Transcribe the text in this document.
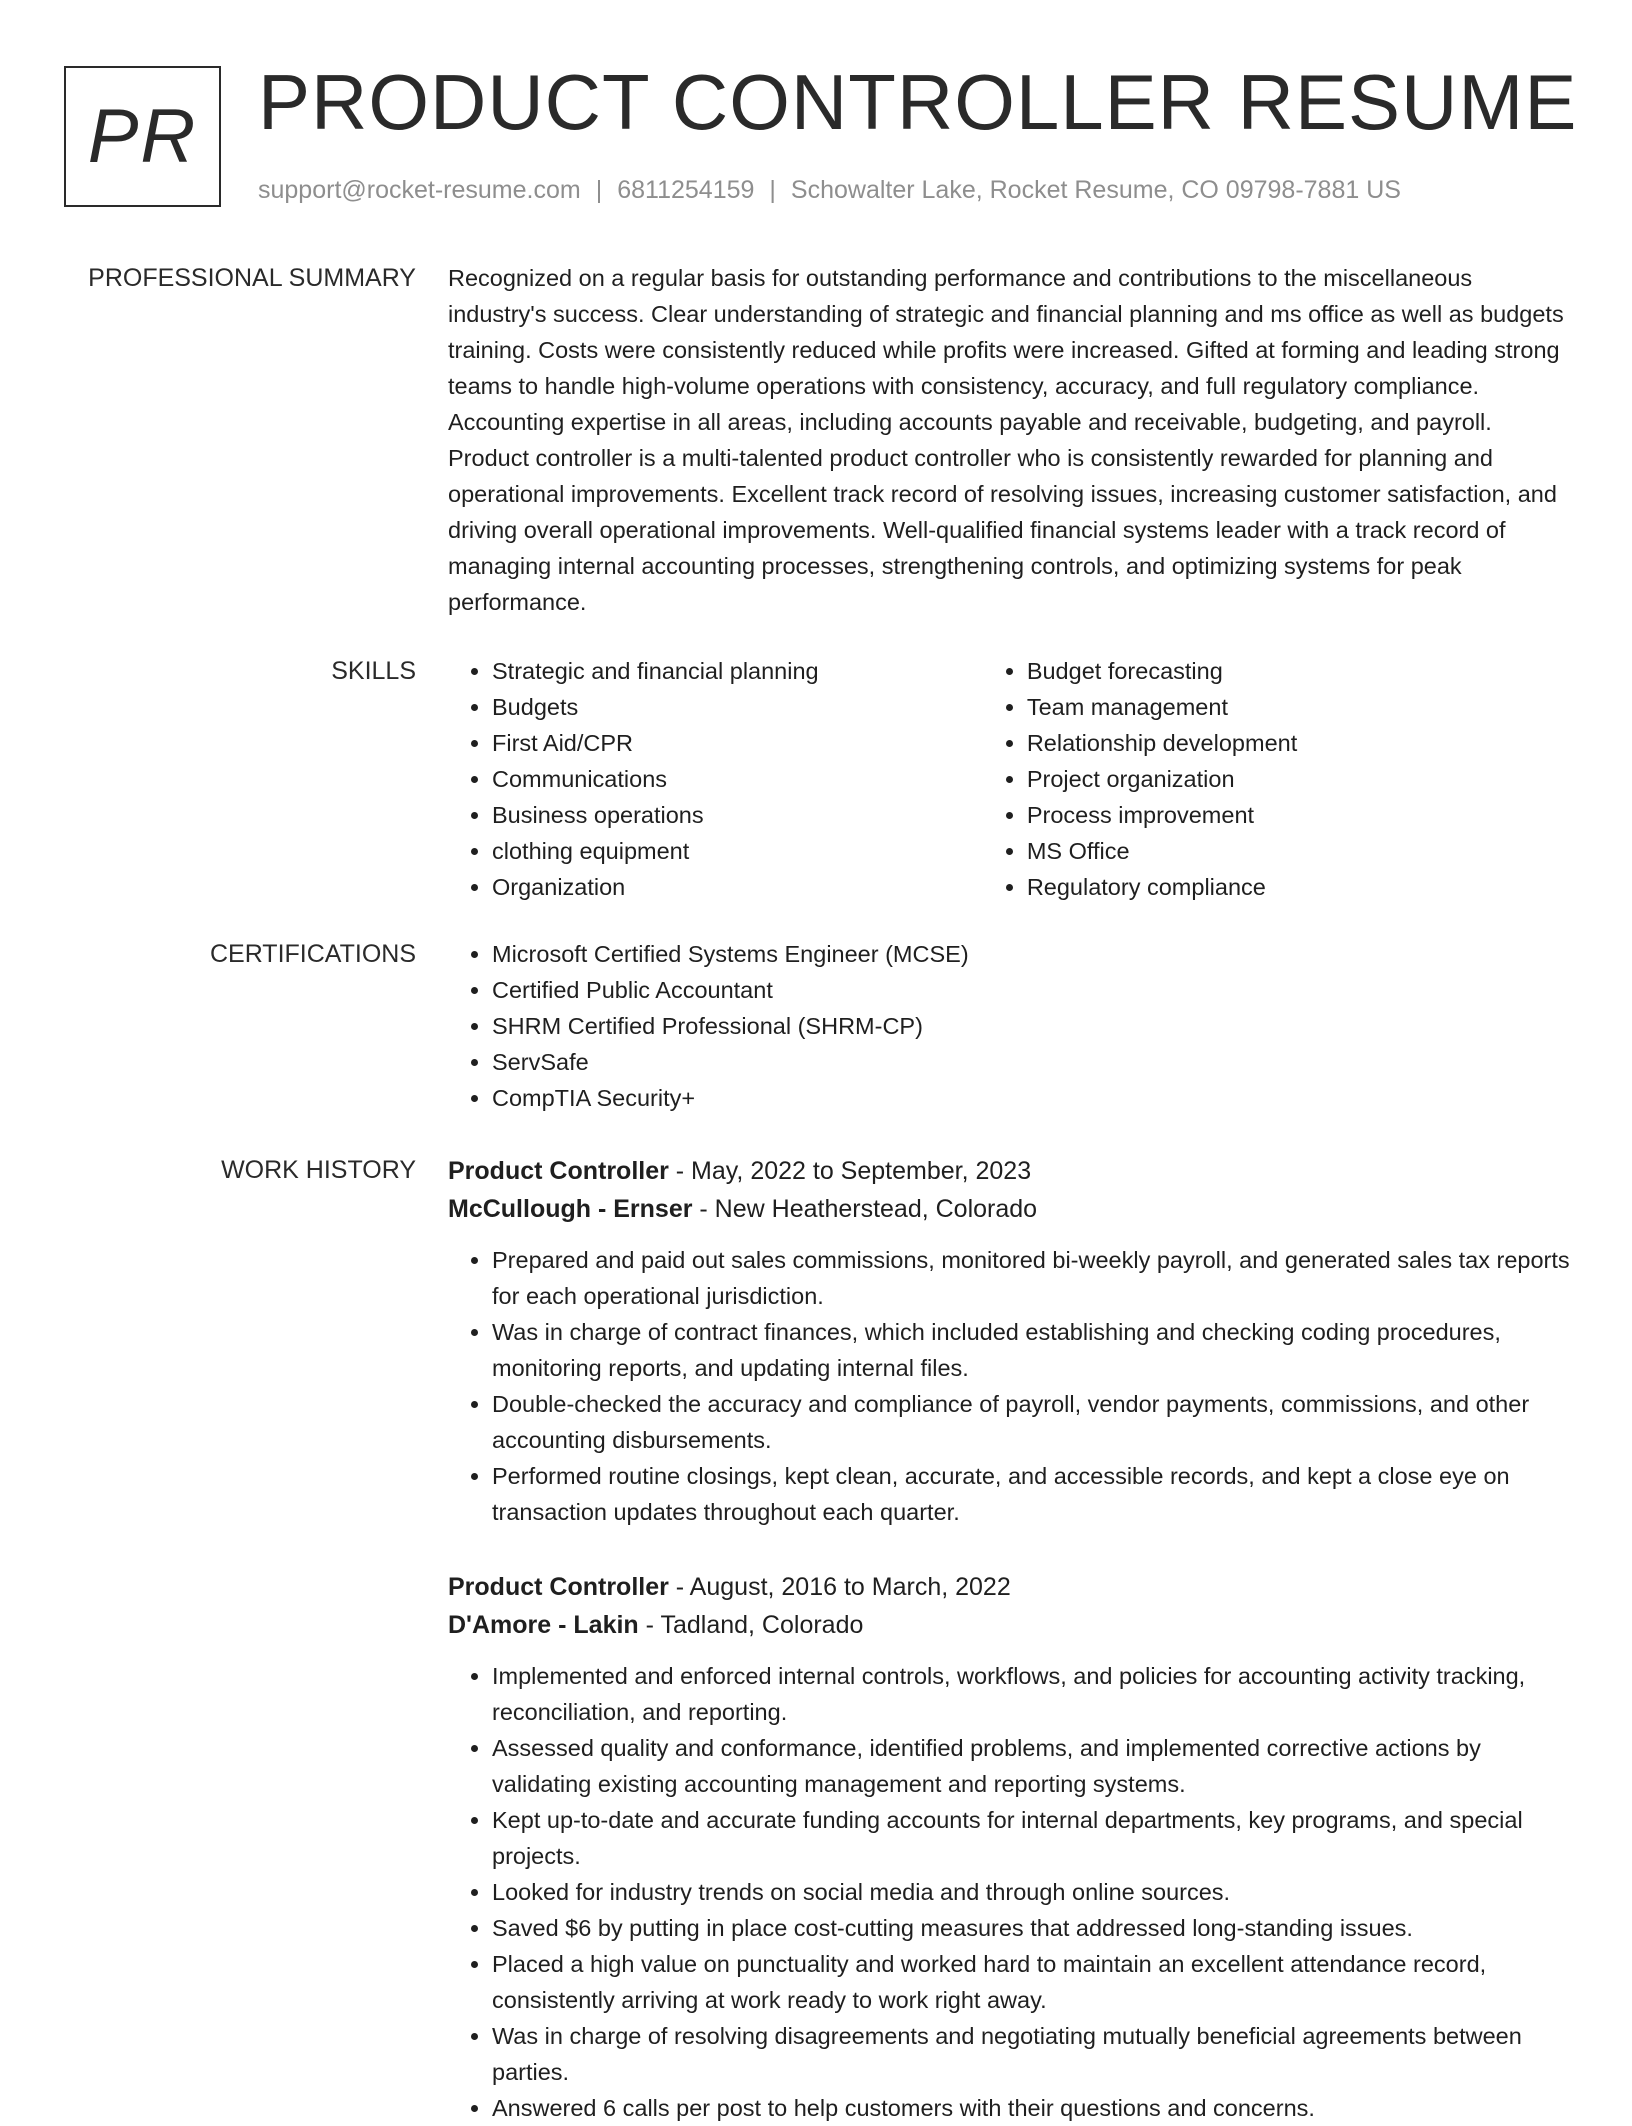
PR PRODUCT CONTROLLER RESUME
support@rocket-resume.com | 6811254159 | Schowalter Lake, Rocket Resume, CO 09798-7881 US
PROFESSIONAL SUMMARY Recognized on a regular basis for outstanding performance and contributions to the miscellaneous industry's success. Clear understanding of strategic and financial planning and ms office as well as budgets training. Costs were consistently reduced while profits were increased. Gifted at forming and leading strong teams to handle high-volume operations with consistency, accuracy, and full regulatory compliance. Accounting expertise in all areas, including accounts payable and receivable, budgeting, and payroll. Product controller is a multi-talented product controller who is consistently rewarded for planning and operational improvements. Excellent track record of resolving issues, increasing customer satisfaction, and driving overall operational improvements. Well-qualified financial systems leader with a track record of managing internal accounting processes, strengthening controls, and optimizing systems for peak performance.
SKILLS	• Strategic and financial planning
• Budgets
• First Aid/CPR
• Communications
• Business operations
• clothing equipment
• Organization
• Budget forecasting
• Team management
• Relationship development
• Project organization
• Process improvement
• MS Office
• Regulatory compliance
CERTIFICATIONS	• Microsoft Certified Systems Engineer (MCSE)
• Certified Public Accountant
• SHRM Certified Professional (SHRM-CP)
• ServSafe
• CompTIA Security+
WORK HISTORY Product Controller - May, 2022 to September, 2023
McCullough - Ernser - New Heatherstead, Colorado
• Prepared and paid out sales commissions, monitored bi-weekly payroll, and generated sales tax reports for each operational jurisdiction.
• Was in charge of contract finances, which included establishing and checking coding procedures, monitoring reports, and updating internal files.
• Double-checked the accuracy and compliance of payroll, vendor payments, commissions, and other accounting disbursements.
• Performed routine closings, kept clean, accurate, and accessible records, and kept a close eye on transaction updates throughout each quarter.
Product Controller - August, 2016 to March, 2022
D'Amore - Lakin - Tadland, Colorado
• Implemented and enforced internal controls, workflows, and policies for accounting activity tracking, reconciliation, and reporting.
• Assessed quality and conformance, identified problems, and implemented corrective actions by validating existing accounting management and reporting systems.
• Kept up-to-date and accurate funding accounts for internal departments, key programs, and special projects.
• Looked for industry trends on social media and through online sources.
• Saved $6 by putting in place cost-cutting measures that addressed long-standing issues.
• Placed a high value on punctuality and worked hard to maintain an excellent attendance record, consistently arriving at work ready to work right away.
• Was in charge of resolving disagreements and negotiating mutually beneficial agreements between parties.
• Answered 6 calls per post to help customers with their questions and concerns.
